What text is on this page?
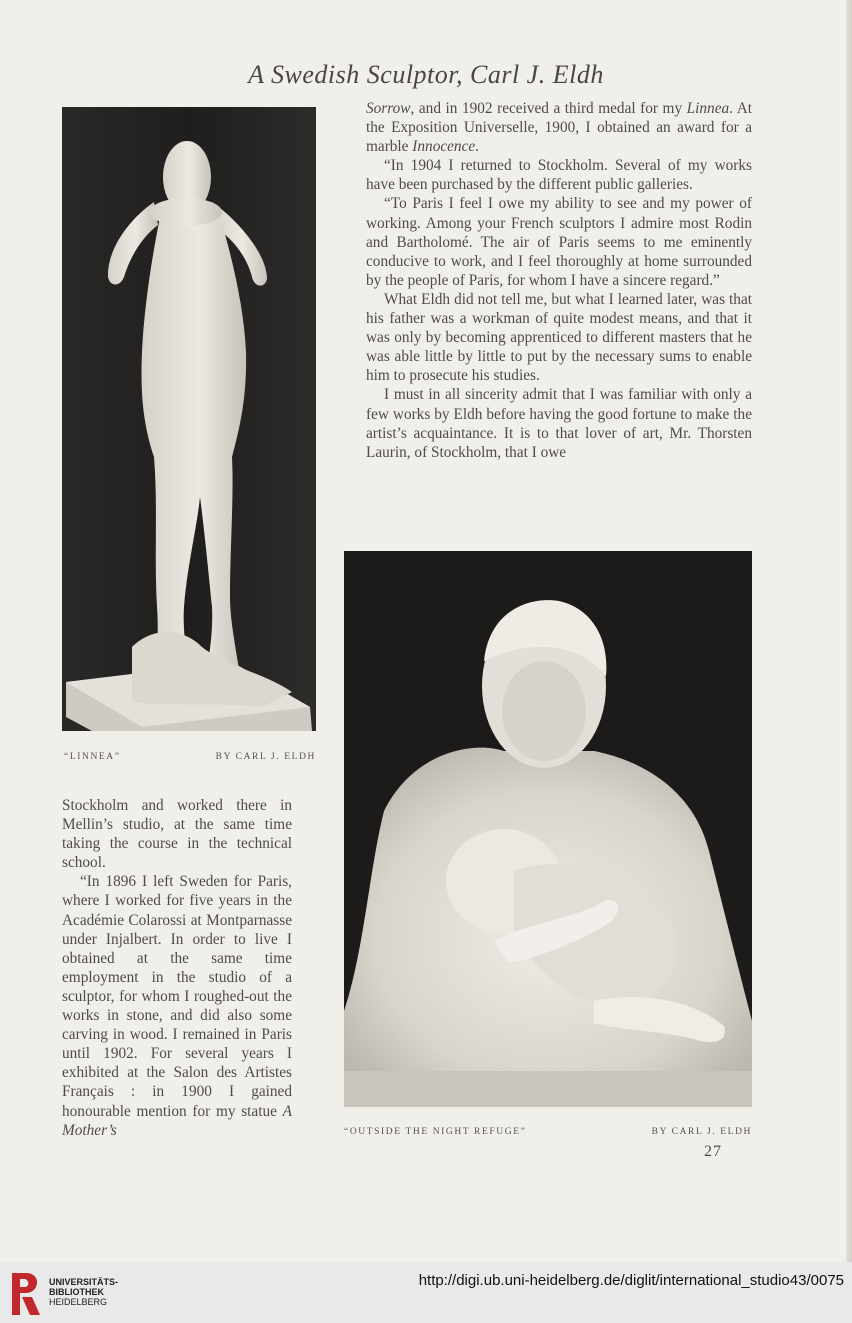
A Swedish Sculptor, Carl J. Eldh
“LINNEA”	BY CARL J. ELDH

Sorrow, and in 1902 received a third medal for my Linnea. At the Exposition Universelle, 1900, I obtained an award for a marble Innocence.

“In 1904 I returned to Stockholm. Several of my works have been purchased by the different public galleries.

“To Paris I feel I owe my ability to see and my power of working. Among your French sculptors I admire most Rodin and Bartholomé. The air of Paris seems to me eminently conducive to work, and I feel thoroughly at home surrounded by the people of Paris, for whom I have a sincere regard.”

What Eldh did not tell me, but what I learned later, was that his father was a workman of quite modest means, and that it was only by becoming apprenticed to different masters that he was able little by little to put by the necessary sums to enable him to prosecute his studies.

I must in all sincerity admit that I was familiar with only a few works by Eldh before having the good fortune to make the artist’s acquaintance. It is to that lover of art, Mr. Thorsten Laurin, of Stockholm, that I owe

“OUTSIDE THE NIGHT REFUGE”	BY CARL J. ELDH

Stockholm and worked there in Mellin’s studio, at the same time taking the course in the technical school.

“In 1896 I left Sweden for Paris, where I worked for five years in the Académie Colarossi at Montparnasse under Injalbert. In order to live I obtained at the same time employment in the studio of a sculptor, for whom I roughed-out the works in stone, and did also some carving in wood. I remained in Paris until 1902. For several years I exhibited at the Salon des Artistes Français : in 1900 I gained honourable mention for my statue A Mother’s

27
UNIVERSITÄTS-
BIBLIOTHEK
HEIDELBERG
http://digi.ub.uni-heidelberg.de/diglit/international_studio43/0075
